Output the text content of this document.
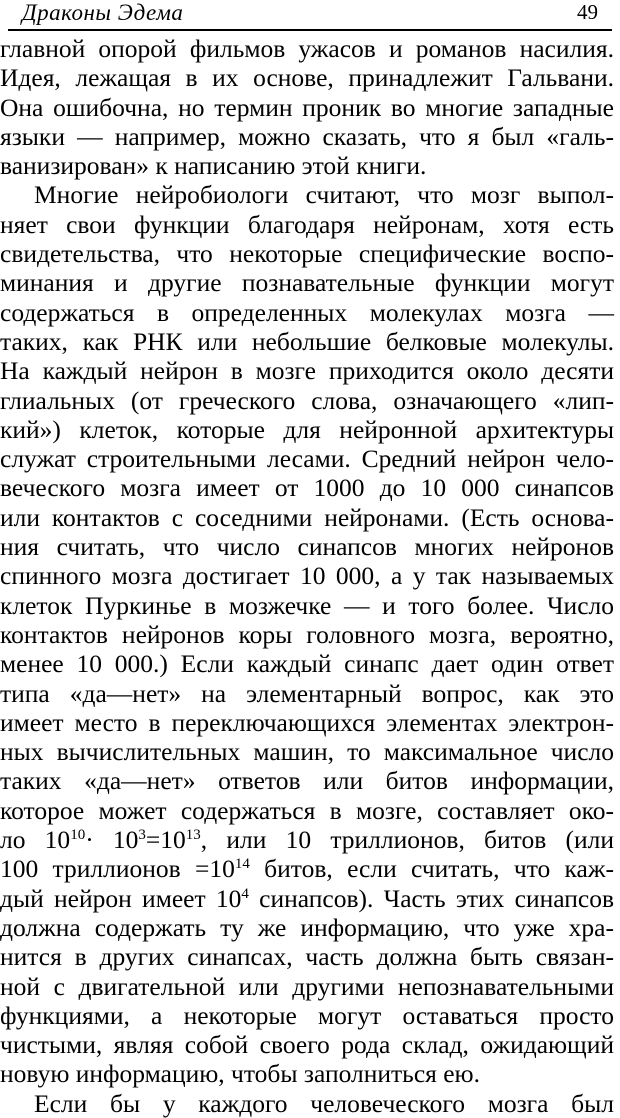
Драконы Эдема	49
главной опорой фильмов ужасов и романов насилия.
Идея, лежащая в их основе, принадлежит Гальвани.
Она ошибочна, но термин проник во многие западные
языки — например, можно сказать, что я был «галь-
ванизирован» к написанию этой книги.
Многие нейробиологи считают, что мозг выпол-
няет свои функции благодаря нейронам, хотя есть
свидетельства, что некоторые специфические воспо-
минания и другие познавательные функции могут
содержаться в определенных молекулах мозга —
таких, как РНК или небольшие белковые молекулы.
На каждый нейрон в мозге приходится около десяти
глиальных (от греческого слова, означающего «лип-
кий») клеток, которые для нейронной архитектуры
служат строительными лесами. Средний нейрон чело-
веческого мозга имеет от 1000 до 10 000 синапсов
или контактов с соседними нейронами. (Есть основа-
ния считать, что число синапсов многих нейронов
спинного мозга достигает 10 000, а у так называемых
клеток Пуркинье в мозжечке — и того более. Число
контактов нейронов коры головного мозга, вероятно,
менее 10 000.) Если каждый синапс дает один ответ
типа «да—нет» на элементарный вопрос, как это
имеет место в переключающихся элементах электрон-
ных вычислительных машин, то максимальное число
таких «да—нет» ответов или битов информации,
которое может содержаться в мозге, составляет око-
ло $10^{10}\cdot 10^3=10^{13}$, или 10 триллионов, битов (или
100 триллионов $=10^{14}$ битов, если считать, что каж-
дый нейрон имеет $10^4$ синапсов). Часть этих синапсов
должна содержать ту же информацию, что уже хра-
нится в других синапсах, часть должна быть связан-
ной с двигательной или другими непознавательными
функциями, а некоторые могут оставаться просто
чистыми, являя собой своего рода склад, ожидающий
новую информацию, чтобы заполниться ею.
Если бы у каждого человеческого мозга был
